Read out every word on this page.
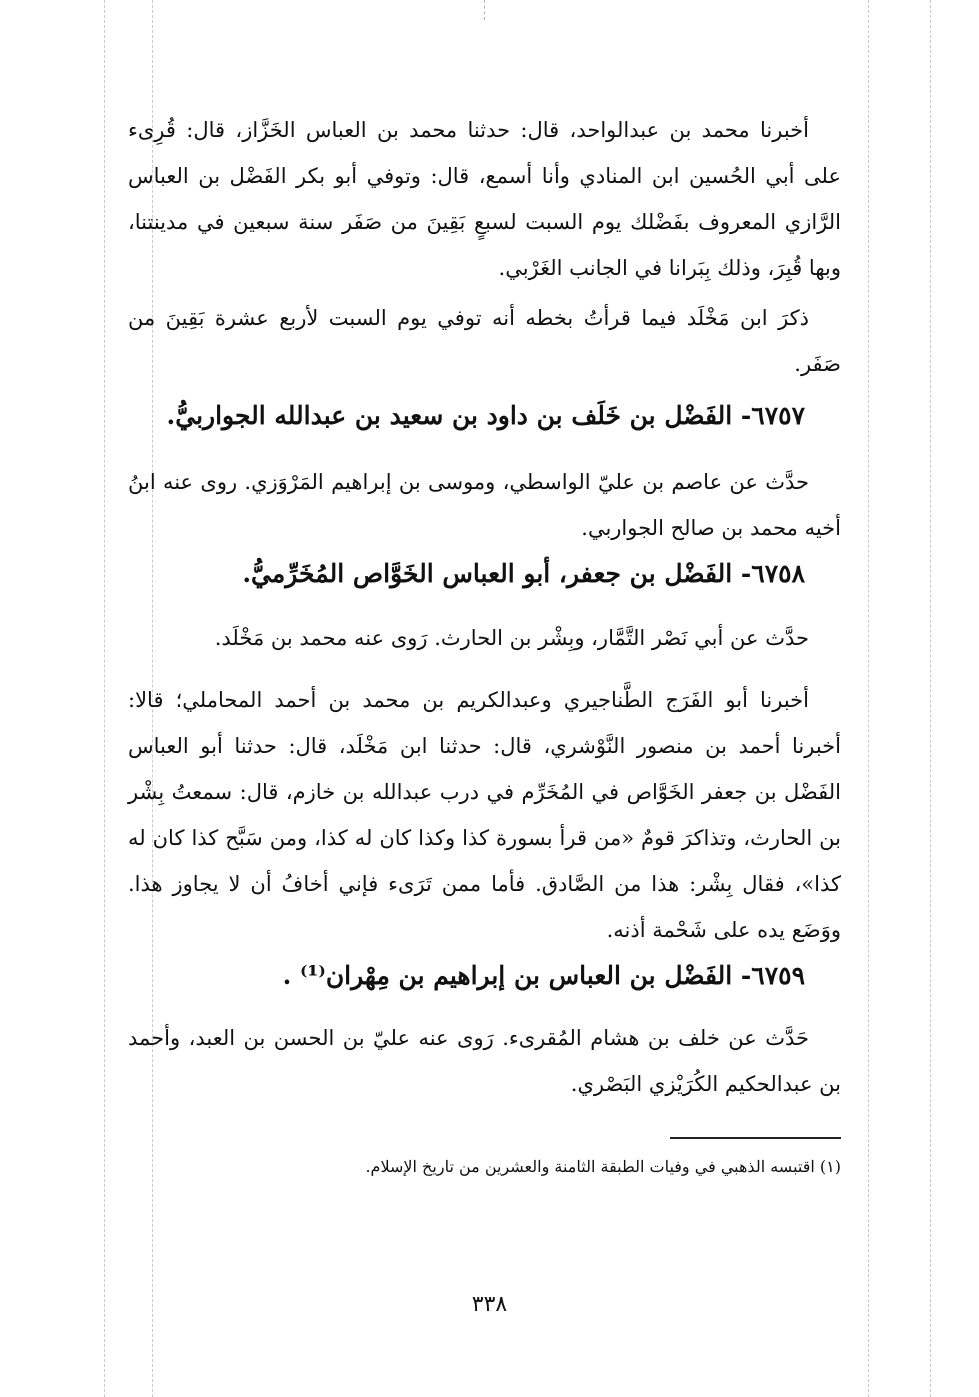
أخبرنا محمد بن عبدالواحد، قال: حدثنا محمد بن العباس الخَزَّاز، قال: قُرِىء على أبي الحُسين ابن المنادي وأنا أسمع، قال: وتوفي أبو بكر الفَضْل بن العباس الرَّازي المعروف بفَضْلك يوم السبت لسبعٍ بَقِينَ من صَفَر سنة سبعين في مدينتنا، وبها قُبِرَ، وذلك بِبَرانا في الجانب الغَرْبي.

ذكرَ ابن مَخْلَد فيما قرأتُ بخطه أنه توفي يوم السبت لأربع عشرة بَقِينَ من صَفَر.

٦٧٥٧- الفَضْل بن خَلَف بن داود بن سعيد بن عبدالله الجواربيُّ.

حدَّث عن عاصم بن عليّ الواسطي، وموسى بن إبراهيم المَرْوَزي. روى عنه ابنُ أخيه محمد بن صالح الجواربي.

٦٧٥٨- الفَضْل بن جعفر، أبو العباس الخَوَّاص المُخَرِّميُّ.

حدَّث عن أبي نَصْر التَّمَّار، وبِشْر بن الحارث. رَوى عنه محمد بن مَخْلَد.

أخبرنا أبو الفَرَج الطَّناجيري وعبدالكريم بن محمد بن أحمد المحاملي؛ قالا: أخبرنا أحمد بن منصور النَّوْشري، قال: حدثنا ابن مَخْلَد، قال: حدثنا أبو العباس الفَضْل بن جعفر الخَوَّاص في المُخَرِّم في درب عبدالله بن خازم، قال: سمعتُ بِشْر بن الحارث، وتذاكرَ قومٌ «من قرأ بسورة كذا وكذا كان له كذا، ومن سَبَّح كذا كان له كذا»، فقال بِشْر: هذا من الصَّادق. فأما ممن تَرَىء فإني أخافُ أن لا يجاوز هذا. ووَضَع يده على شَحْمة أذنه.

٦٧٥٩- الفَضْل بن العباس بن إبراهيم بن مِهْران⁽¹⁾ .

حَدَّث عن خلف بن هشام المُقرىء. رَوى عنه عليّ بن الحسن بن العبد، وأحمد بن عبدالحكيم الكُرَيْزي البَصْري.

(١) اقتبسه الذهبي في وفيات الطبقة الثامنة والعشرين من تاريخ الإسلام.
٣٣٨
